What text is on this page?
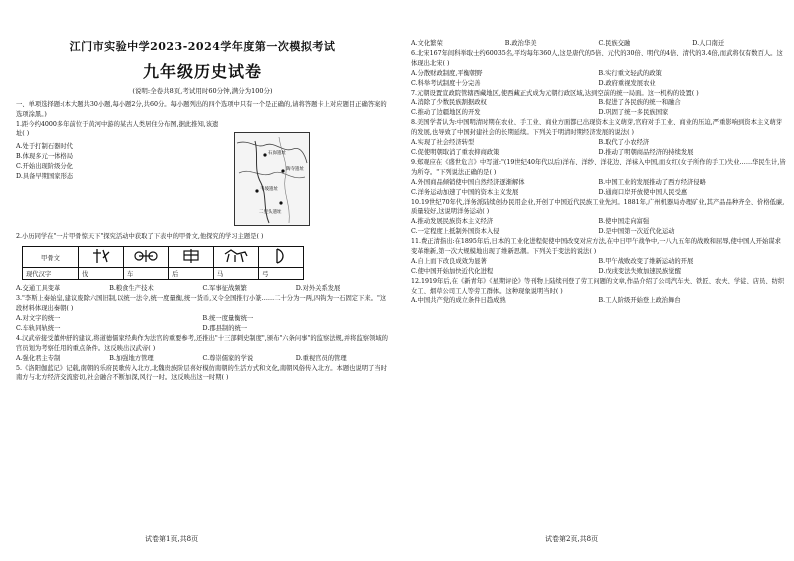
江门市实验中学2023-2024学年度第一次模拟考试
九年级历史试卷
(说明:全卷共8页,考试用时60分钟,满分为100分)

一、单项选择题:(本大题共30小题,每小题2分,共60分。每小题列出的四个选项中只有一个是正确的,请将答题卡上对应题目正确答案的选项涂黑。)

1.距今约4000多年前位于黄河中游的某古人类居住分布图,据此推知,该遗址( )

A.处于打制石器时代
B.体现多元一体格局
C.开始出现阶级分化
D.具备早期国家形态
石峁遗址
陶寺遗址
半坡遗址
二里头遗址

2.小历同学在"一片甲骨惊天下"探究活动中获取了下表中的甲骨文,他探究的学习主题是( )

甲骨文					
现代汉字	伐	车	后	马	弓
A.交通工具变革	B.粮食生产技术	C.军事征战频繁	D.对外关系发展

3."李斯上奏始皇,建议废除六国旧制,以统一法令,统一度量衡,统一货币,又令全国推行小篆……二十分为一两,四钩为一石固定下来。"这段材料体现出秦朝( )

A.对文字的统一	B.统一度量衡统一
C.车轨同轨统一	D.郡县制的统一

4.汉武帝接受董仲舒的建议,将道德儒家经典作为法官的重要参考,还推出"十三部刺史制度",颁布"六条问事"的监察法规,并将监察领域的官员划为考察任用的重点条件。这反映出汉武帝( )

A.强化君主专制	B.加强地方管理	C.尊崇儒家的学说	D.重视官员的管理

5.《洛阳伽蓝记》记载,南朝的乐府民歌传入北方,北魏贵族阶层喜好模仿南朝的生活方式和文化,南朝风俗传入北方。本题也说明了当时南方与北方经济交流密切,社会融合不断加深,风行一时。这反映出这一时期( )

A.文化繁荣	B.政治华美	C.民族交融	D.人口南迁

6.北宋167年间科举取士约60035名,平均每年360人,这是唐代的5倍、元代的30倍、明代的4倍、清代的3.4倍,而武将仅有数百人。这体现出北宋( )

A.分散财政制度,平衡朝野	B.实行重文轻武的政策
C.科举考试制度十分完善	D.政府重视发展农业

7.元朝设置宣政院管辖西藏地区,使西藏正式成为元朝行政区域,达到空前的统一局面。这一机构的设置( )

A.消除了少数民族割据政权	B.促进了各民族的统一和融合
C.推动了边疆地区的开发	D.巩固了统一多民族国家

8.美国学者认为:中国明清时期在农业、手工业、商业方面都已出现资本主义萌芽,官府对手工业、商业的压迫,严重影响到资本主义萌芽的发展,也导致了中国封建社会的长期延续。下列关于明清时期经济发展的说法( )

A.实现了社会经济转型	B.取代了小农经济
C.促使明朝取消了重农抑商政策	D.推动了明朝商品经济的持续发展

9.郑观应在《盛世危言》中写道:"(19世纪40年代以后)洋布、洋纱、洋花边、洋袜入中国,而女红(女子所作的手工)失业……华民生计,皆为所夺。"下列说法正确的是( )

A.外国商品倾销使中国自然经济逐渐解体	B.中国工业的发展推动了西方经济侵略
C.洋务运动加速了中国的资本主义发展	D.通商口岸开放使中国人民受惠

10.19世纪70年代,洋务派陆续创办民用企业,开创了中国近代民族工业先河。1881年,广州机器局办理矿业,其产品品种齐全、价格低廉,质量较好,这说明洋务运动( )

A.推动发展民族资本主义经济	B.使中国走向富强
C.一定程度上抵制外国资本入侵	D.是中国第一次近代化运动

11.费正清指出:在1895年后,日本的工业化进程促使中国改变对应方法,在中日甲午战争中,一八九五年的战败和屈辱,使中国人开始谋求变革维新,第一次大规模地出现了维新思潮。下列关于变法的说法( )

A.自上而下改良成效为显著	B.甲午战败改变了维新运动的开展
C.使中国开始加快近代化进程	D.戊戌变法失败加速民族觉醒

12.1919年后,在《新青年》《星期评论》等刊物上陆续刊登了劳工问题的文章,作品介绍了公司汽车夫、铁匠、农夫、学徒、店员、纺织女工、烟草公司工人等劳工群体。这种现象说明当时( )

A.中国共产党的成立条件日趋成熟	B.工人阶级开始登上政治舞台
试卷第1页,共8页	试卷第2页,共8页
